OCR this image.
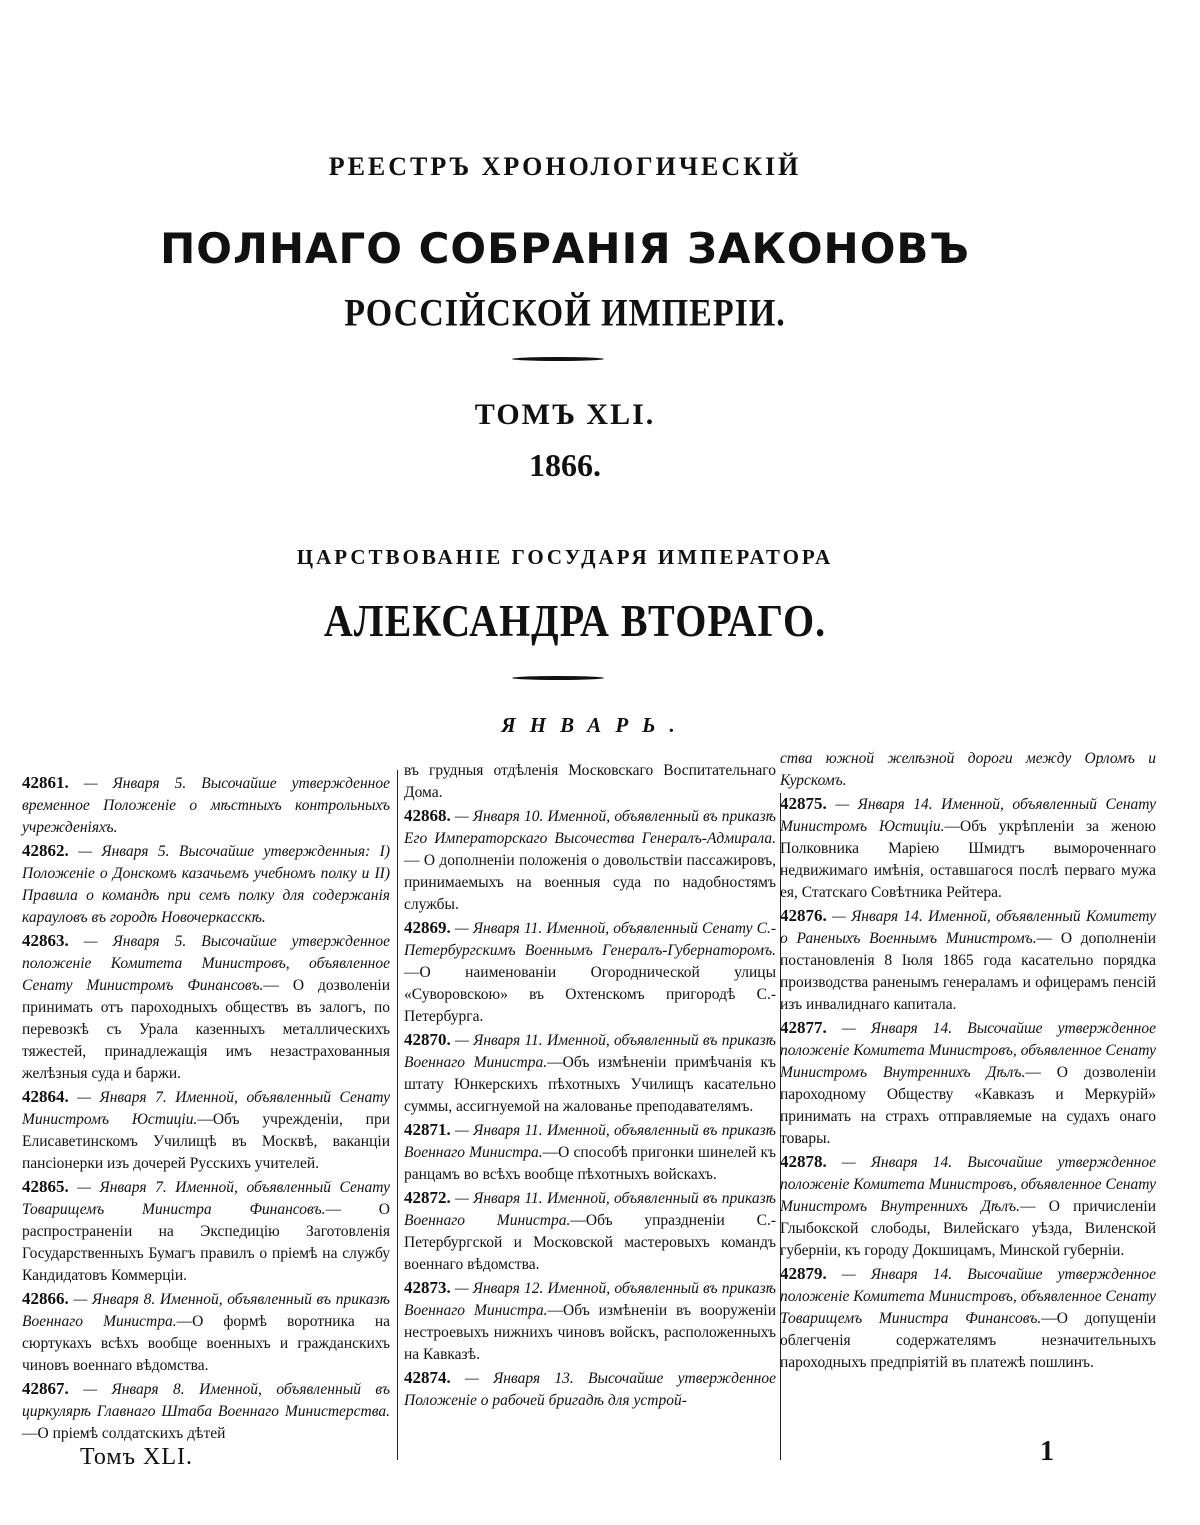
РЕЕСТРЪ ХРОНОЛОГИЧЕСКІЙ
ПОЛНАГО СОБРАНІЯ ЗАКОНОВЪ
РОССІЙСКОЙ ИМПЕРІИ.
ТОМЪ XLI.
1866.
ЦАРСТВОВАНІЕ ГОСУДАРЯ ИМПЕРАТОРА
АЛЕКСАНДРА ВТОРАГО.
ЯНВАРЬ.

42861. — Января 5. Высочайше утвержденное временное Положеніе о мѣстныхъ контрольныхъ учрежденіяхъ.

42862. — Января 5. Высочайше утвержденныя: I) Положеніе о Донскомъ казачьемъ учебномъ полку и II) Правила о командѣ при семъ полку для содержанія карауловъ въ городѣ Новочеркасскѣ.

42863. — Января 5. Высочайше утвержденное положеніе Комитета Министровъ, объявленное Сенату Министромъ Финансовъ.— О дозволеніи принимать отъ пароходныхъ обществъ въ залогъ, по перевозкѣ съ Урала казенныхъ металлическихъ тяжестей, принадлежащія имъ незастрахованныя желѣзныя суда и баржи.

42864. — Января 7. Именной, объявленный Сенату Министромъ Юстиціи.—Объ учрежденіи, при Елисаветинскомъ Училищѣ въ Москвѣ, ваканціи пансіонерки изъ дочерей Русскихъ учителей.

42865. — Января 7. Именной, объявленный Сенату Товарищемъ Министра Финансовъ.— О распространеніи на Экспедицію Заготовленія Государственныхъ Бумагъ правилъ о пріемѣ на службу Кандидатовъ Коммерціи.

42866. — Января 8. Именной, объявленный въ приказѣ Военнаго Министра.—О формѣ воротника на сюртукахъ всѣхъ вообще военныхъ и гражданскихъ чиновъ военнаго вѣдомства.

42867. — Января 8. Именной, объявленный въ циркулярѣ Главнаго Штаба Военнаго Министерства.—О пріемѣ солдатскихъ дѣтей

въ грудныя отдѣленія Московскаго Воспитательнаго Дома.

42868. — Января 10. Именной, объявленный въ приказѣ Его Императорскаго Высочества Генералъ-Адмирала.— О дополненіи положенія о довольствіи пассажировъ, принимаемыхъ на военныя суда по надобностямъ службы.

42869. — Января 11. Именной, объявленный Сенату С.-Петербургскимъ Военнымъ Генералъ-Губернаторомъ.—О наименованіи Огороднической улицы «Суворовскою» въ Охтенскомъ пригородѣ С.-Петербурга.

42870. — Января 11. Именной, объявленный въ приказѣ Военнаго Министра.—Объ измѣненіи примѣчанія къ штату Юнкерскихъ пѣхотныхъ Училищъ касательно суммы, ассигнуемой на жалованье преподавателямъ.

42871. — Января 11. Именной, объявленный въ приказѣ Военнаго Министра.—О способѣ пригонки шинелей къ ранцамъ во всѣхъ вообще пѣхотныхъ войскахъ.

42872. — Января 11. Именной, объявленный въ приказѣ Военнаго Министра.—Объ упраздненіи С.-Петербургской и Московской мастеровыхъ командъ военнаго вѣдомства.

42873. — Января 12. Именной, объявленный въ приказѣ Военнаго Министра.—Объ измѣненіи въ вооруженіи нестроевыхъ нижнихъ чиновъ войскъ, расположенныхъ на Кавказѣ.

42874. — Января 13. Высочайше утвержденное Положеніе о рабочей бригадѣ для устрой-

ства южной желѣзной дороги между Орломъ и Курскомъ.

42875. — Января 14. Именной, объявленный Сенату Министромъ Юстиціи.—Объ укрѣпленіи за женою Полковника Маріею Шмидтъ вымороченнаго недвижимаго имѣнія, оставшагося послѣ перваго мужа ея, Статскаго Совѣтника Рейтера.

42876. — Января 14. Именной, объявленный Комитету о Раненыхъ Военнымъ Министромъ.— О дополненіи постановленія 8 Іюля 1865 года касательно порядка производства раненымъ генераламъ и офицерамъ пенсій изъ инвалиднаго капитала.

42877. — Января 14. Высочайше утвержденное положеніе Комитета Министровъ, объявленное Сенату Министромъ Внутреннихъ Дѣлъ.— О дозволеніи пароходному Обществу «Кавказъ и Меркурій» принимать на страхъ отправляемые на судахъ онаго товары.

42878. — Января 14. Высочайше утвержденное положеніе Комитета Министровъ, объявленное Сенату Министромъ Внутреннихъ Дѣлъ.— О причисленіи Глыбокской слободы, Вилейскаго уѣзда, Виленской губерніи, къ городу Докшицамъ, Минской губерніи.

42879. — Января 14. Высочайше утвержденное положеніе Комитета Министровъ, объявленное Сенату Товарищемъ Министра Финансовъ.—О допущеніи облегченія содержателямъ незначительныхъ пароходныхъ предпріятій въ платежѣ пошлинъ.

Томъ XLI.	1
